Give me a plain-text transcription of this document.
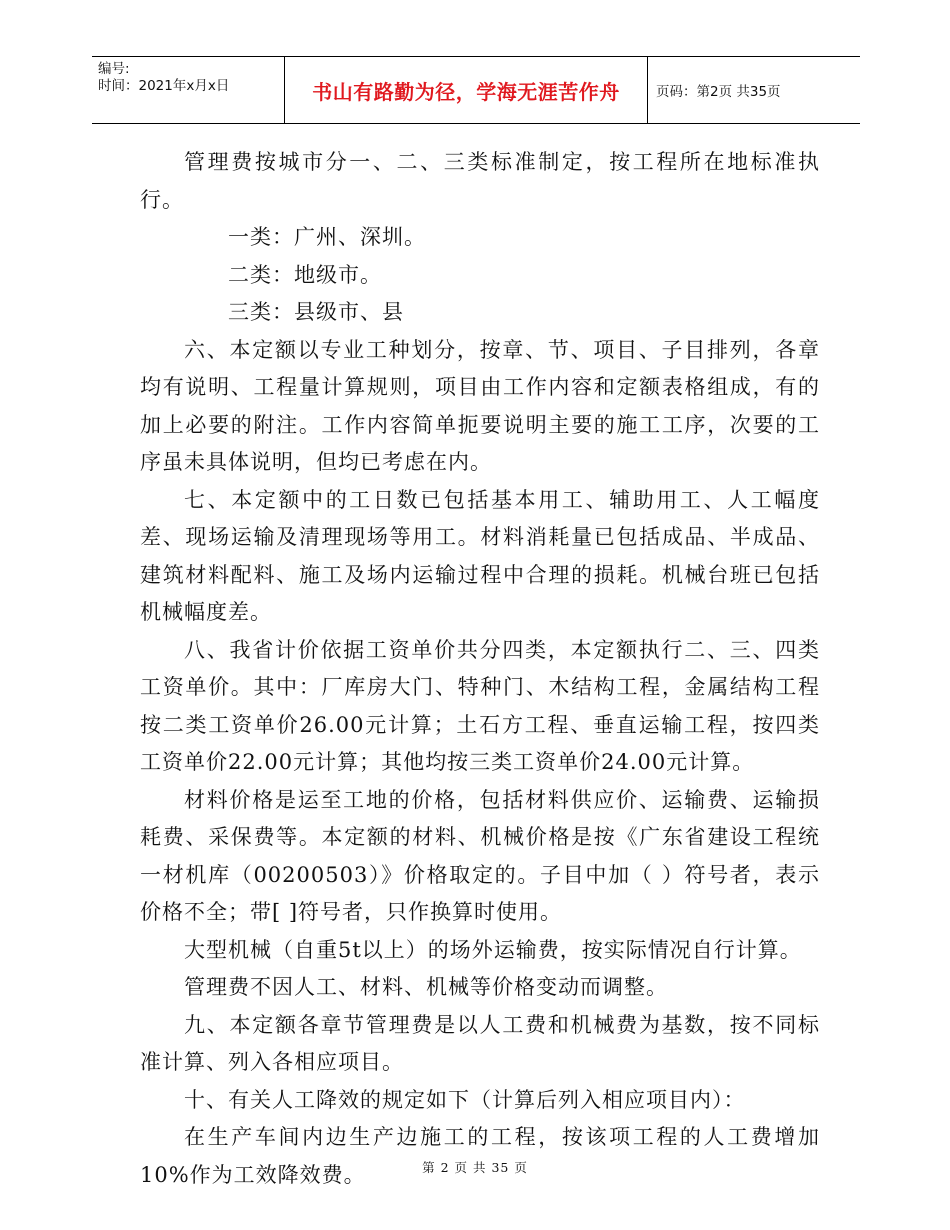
编号:
时间：2021年x月x日	书山有路勤为径，学海无涯苦作舟	页码：第2页 共35页

管理费按城市分一、二、三类标准制定，按工程所在地标准执行。

一类：广州、深圳。

二类：地级市。

三类：县级市、县

六、本定额以专业工种划分，按章、节、项目、子目排列，各章均有说明、工程量计算规则，项目由工作内容和定额表格组成，有的加上必要的附注。工作内容简单扼要说明主要的施工工序，次要的工序虽未具体说明，但均已考虑在内。

七、本定额中的工日数已包括基本用工、辅助用工、人工幅度差、现场运输及清理现场等用工。材料消耗量已包括成品、半成品、建筑材料配料、施工及场内运输过程中合理的损耗。机械台班已包括机械幅度差。

八、我省计价依据工资单价共分四类，本定额执行二、三、四类工资单价。其中：厂库房大门、特种门、木结构工程，金属结构工程按二类工资单价26.00元计算；土石方工程、垂直运输工程，按四类工资单价22.00元计算；其他均按三类工资单价24.00元计算。

材料价格是运至工地的价格，包括材料供应价、运输费、运输损耗费、采保费等。本定额的材料、机械价格是按《广东省建设工程统一材机库（00200503）》价格取定的。子目中加（ ）符号者，表示价格不全；带[ ]符号者，只作换算时使用。

大型机械（自重5t以上）的场外运输费，按实际情况自行计算。

管理费不因人工、材料、机械等价格变动而调整。

九、本定额各章节管理费是以人工费和机械费为基数，按不同标准计算、列入各相应项目。

十、有关人工降效的规定如下（计算后列入相应项目内）：

在生产车间内边生产边施工的工程，按该项工程的人工费增加10%作为工效降效费。	第 2 页 共 35 页
